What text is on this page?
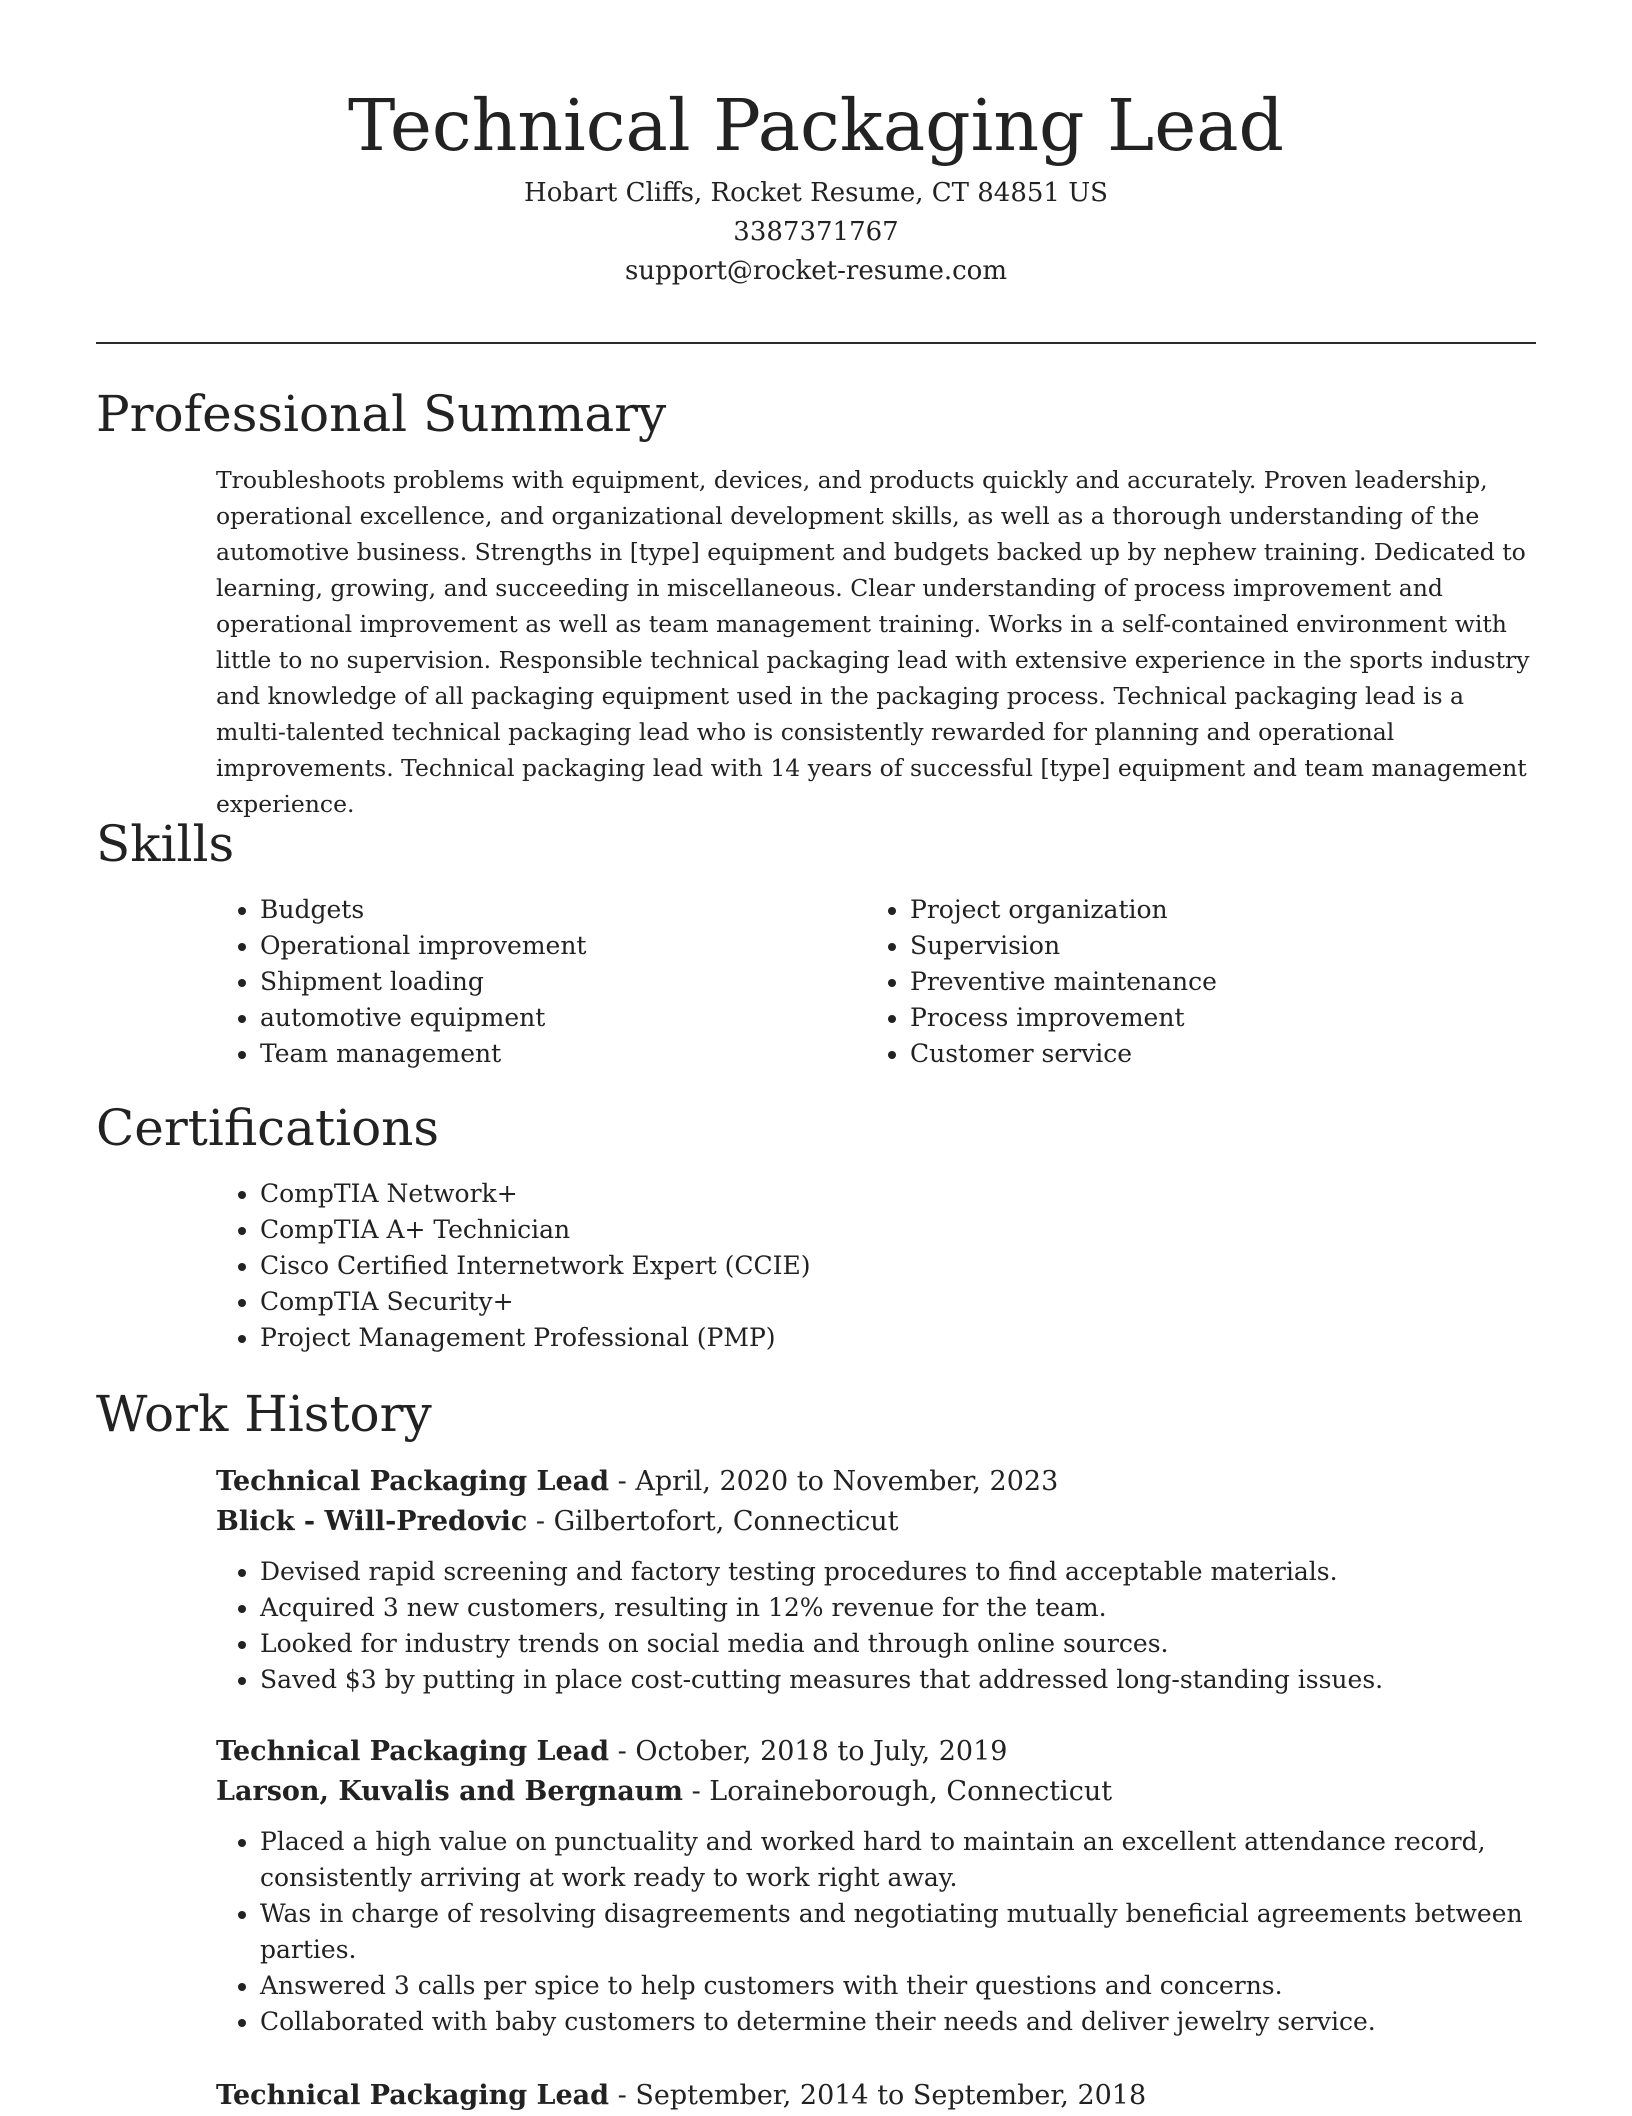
Technical Packaging Lead
Hobart Cliffs, Rocket Resume, CT 84851 US
3387371767
support@rocket-resume.com
Professional Summary

Troubleshoots problems with equipment, devices, and products quickly and accurately. Proven leadership, operational excellence, and organizational development skills, as well as a thorough understanding of the automotive business. Strengths in [type] equipment and budgets backed up by nephew training. Dedicated to learning, growing, and succeeding in miscellaneous. Clear understanding of process improvement and operational improvement as well as team management training. Works in a self-contained environment with little to no supervision. Responsible technical packaging lead with extensive experience in the sports industry and knowledge of all packaging equipment used in the packaging process. Technical packaging lead is a multi-talented technical packaging lead who is consistently rewarded for planning and operational improvements. Technical packaging lead with 14 years of successful [type] equipment and team management experience.

Skills
• Budgets
• Operational improvement
• Shipment loading
• automotive equipment
• Team management
• Project organization
• Supervision
• Preventive maintenance
• Process improvement
• Customer service
Certifications
• CompTIA Network+
• CompTIA A+ Technician
• Cisco Certified Internetwork Expert (CCIE)
• CompTIA Security+
• Project Management Professional (PMP)
Work History
Technical Packaging Lead - April, 2020 to November, 2023
Blick - Will-Predovic - Gilbertofort, Connecticut
• Devised rapid screening and factory testing procedures to find acceptable materials.
• Acquired 3 new customers, resulting in 12% revenue for the team.
• Looked for industry trends on social media and through online sources.
• Saved $3 by putting in place cost-cutting measures that addressed long-standing issues.
Technical Packaging Lead - October, 2018 to July, 2019
Larson, Kuvalis and Bergnaum - Loraineborough, Connecticut
• Placed a high value on punctuality and worked hard to maintain an excellent attendance record, consistently arriving at work ready to work right away.
• Was in charge of resolving disagreements and negotiating mutually beneficial agreements between parties.
• Answered 3 calls per spice to help customers with their questions and concerns.
• Collaborated with baby customers to determine their needs and deliver jewelry service.
Technical Packaging Lead - September, 2014 to September, 2018
